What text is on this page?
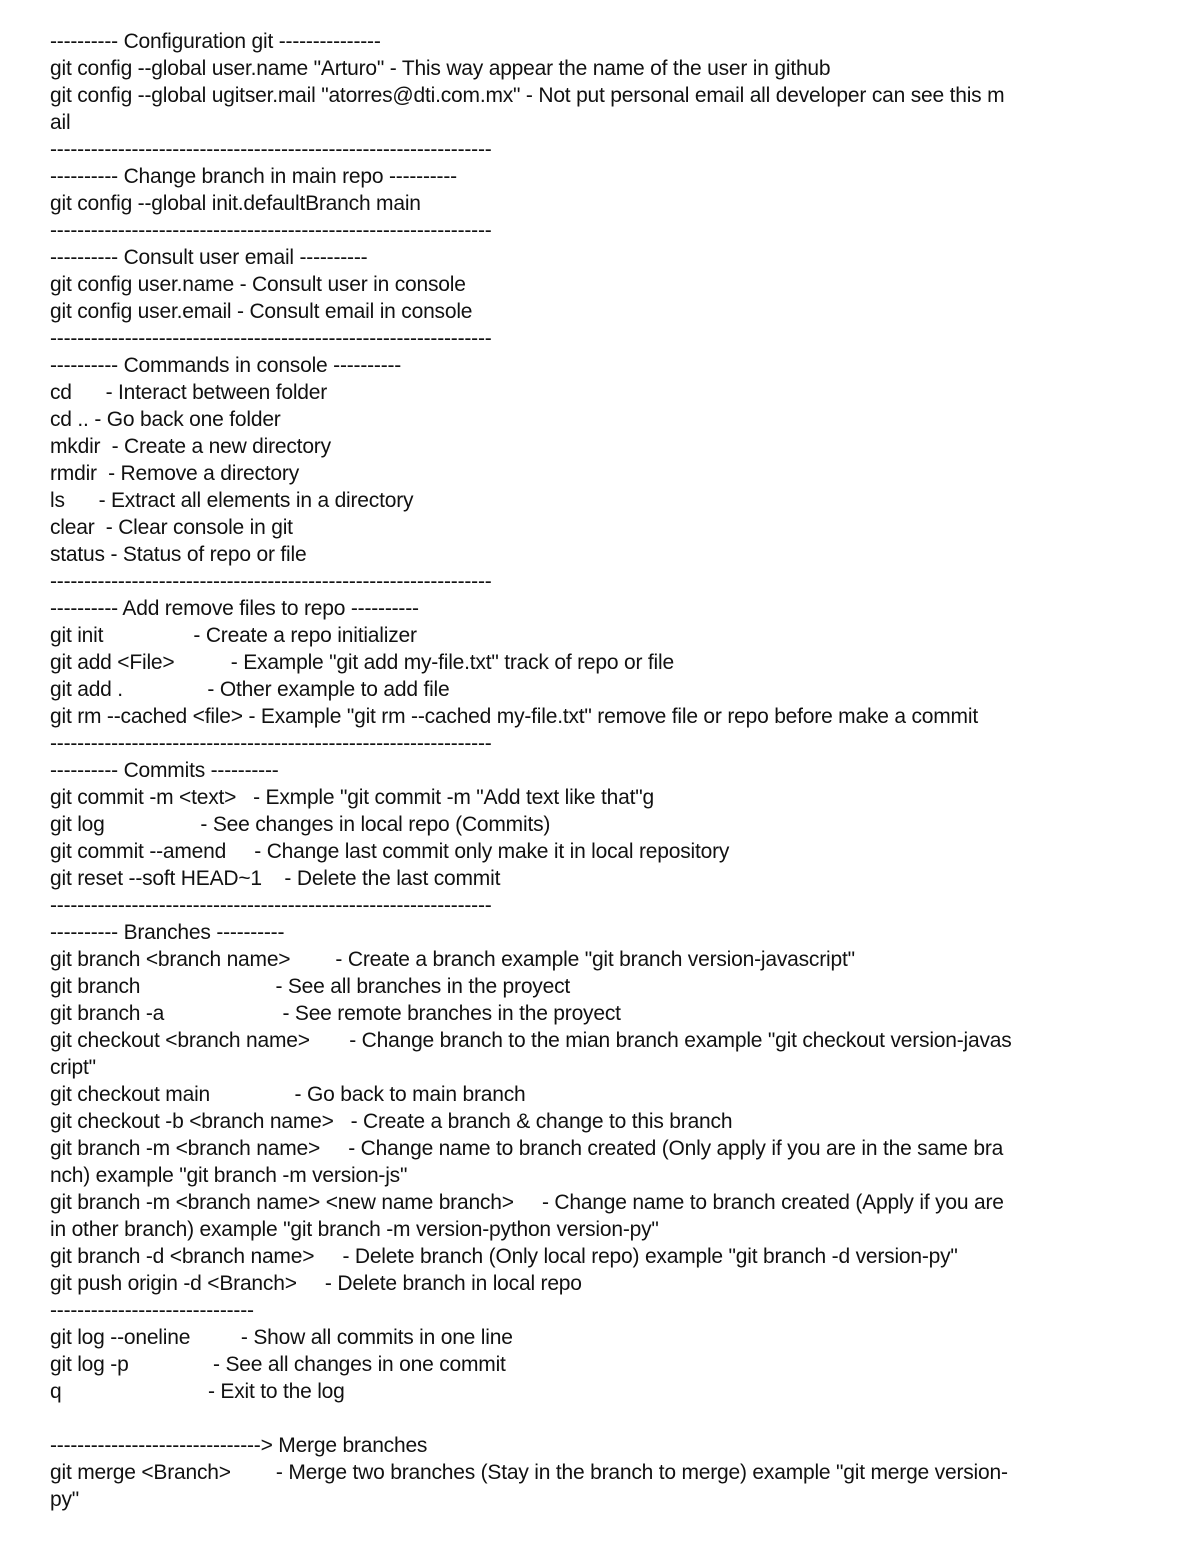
---------- Configuration git ---------------
git config --global user.name "Arturo" - This way appear the name of the user in github
git config --global ugitser.mail "atorres@dti.com.mx" - Not put personal email all developer can see this m
ail
-----------------------------------------------------------------
---------- Change branch in main repo ----------
git config --global init.defaultBranch main
-----------------------------------------------------------------
---------- Consult user email ----------
git config user.name - Consult user in console
git config user.email - Consult email in console
-----------------------------------------------------------------
---------- Commands in console ----------
cd      - Interact between folder
cd .. - Go back one folder
mkdir  - Create a new directory
rmdir  - Remove a directory
ls      - Extract all elements in a directory
clear  - Clear console in git
status - Status of repo or file
-----------------------------------------------------------------
---------- Add remove files to repo ----------
git init                - Create a repo initializer
git add <File>          - Example "git add my-file.txt" track of repo or file
git add .               - Other example to add file
git rm --cached <file> - Example "git rm --cached my-file.txt" remove file or repo before make a commit
-----------------------------------------------------------------
---------- Commits ----------
git commit -m <text>   - Exmple "git commit -m "Add text like that"g
git log                 - See changes in local repo (Commits)
git commit --amend     - Change last commit only make it in local repository
git reset --soft HEAD~1    - Delete the last commit
-----------------------------------------------------------------
---------- Branches ----------
git branch <branch name>        - Create a branch example "git branch version-javascript"
git branch                        - See all branches in the proyect
git branch -a                     - See remote branches in the proyect
git checkout <branch name>       - Change branch to the mian branch example "git checkout version-javas
cript"
git checkout main               - Go back to main branch
git checkout -b <branch name>   - Create a branch & change to this branch
git branch -m <branch name>     - Change name to branch created (Only apply if you are in the same bra
nch) example "git branch -m version-js"
git branch -m <branch name> <new name branch>     - Change name to branch created (Apply if you are
in other branch) example "git branch -m version-python version-py"
git branch -d <branch name>     - Delete branch (Only local repo) example "git branch -d version-py"
git push origin -d <Branch>     - Delete branch in local repo
------------------------------
git log --oneline         - Show all commits in one line
git log -p               - See all changes in one commit
q                          - Exit to the log
-------------------------------> Merge branches
git merge <Branch>        - Merge two branches (Stay in the branch to merge) example "git merge version-
py"
